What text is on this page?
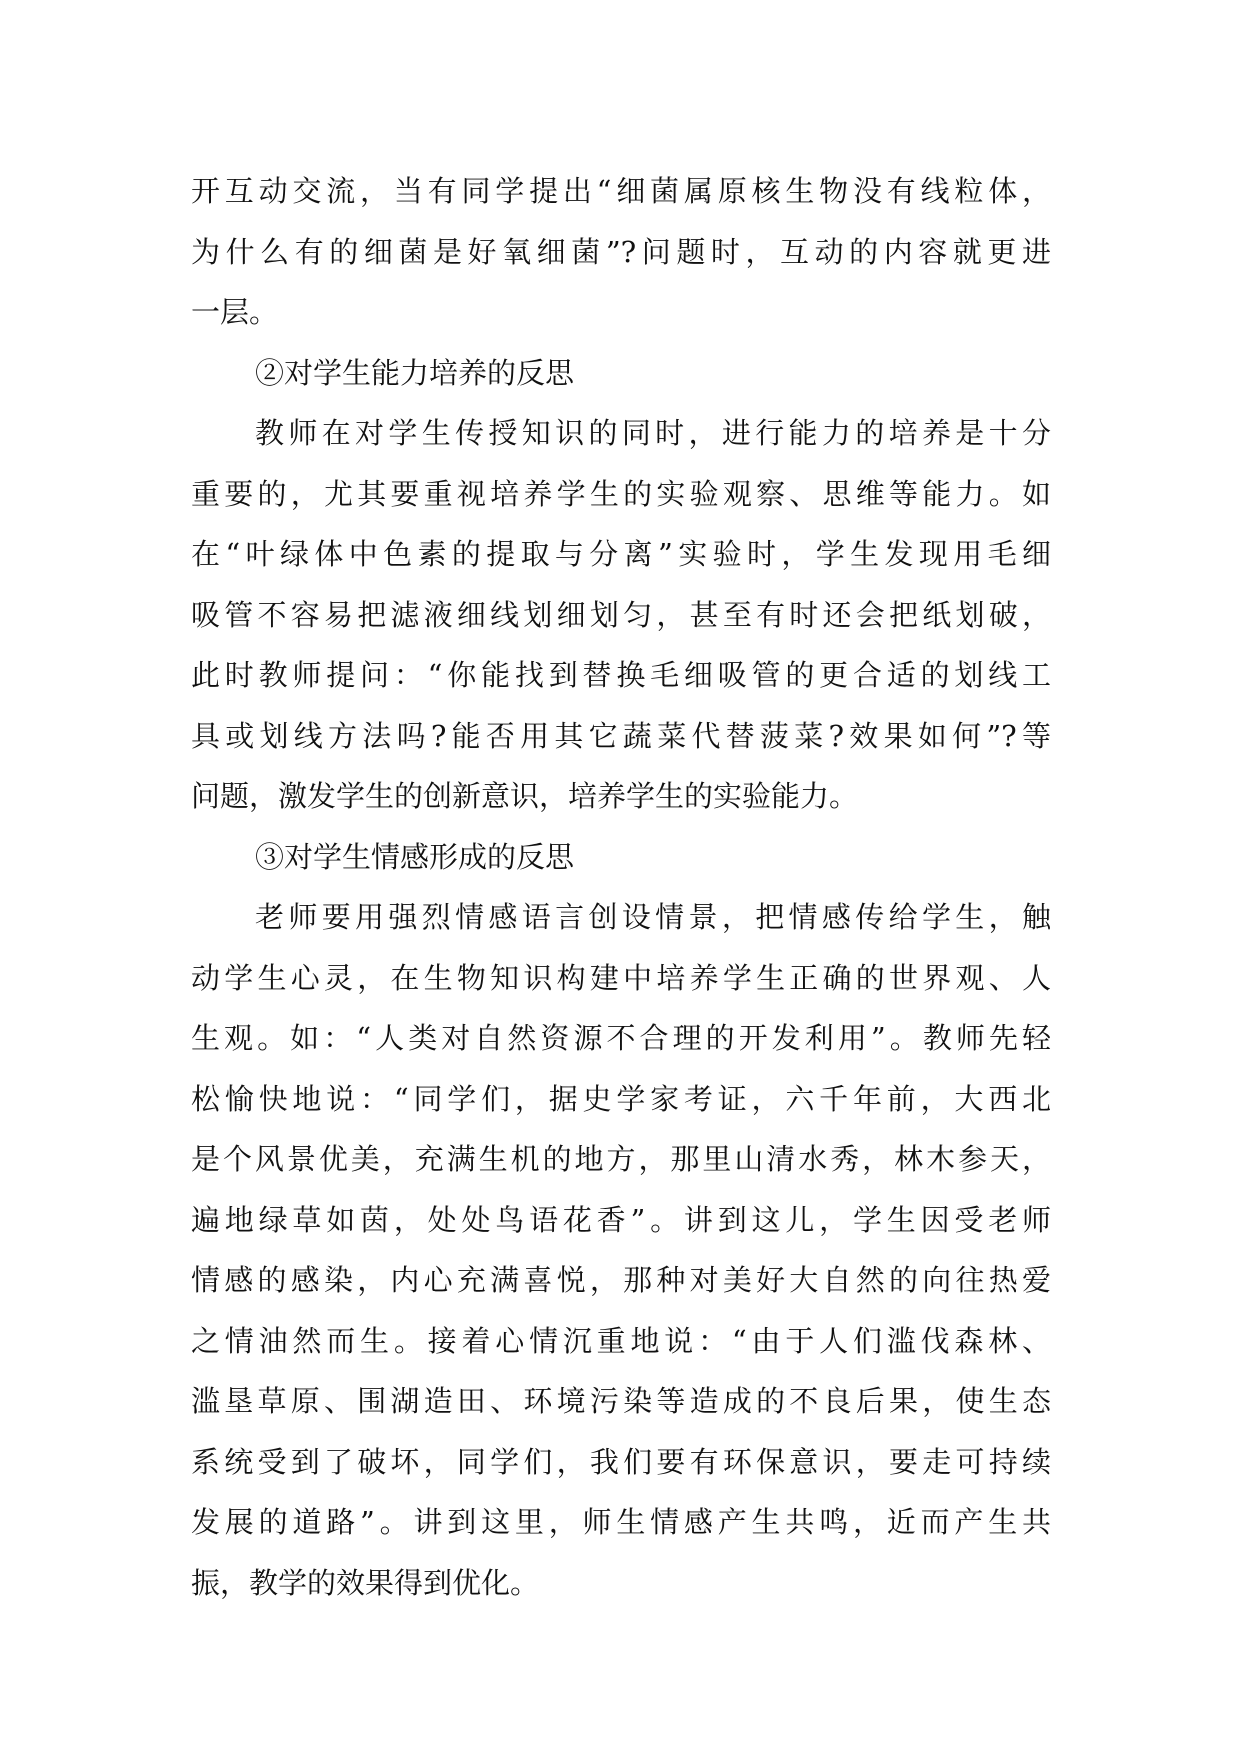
开互动交流，当有同学提出“细菌属原核生物没有线粒体，
为什么有的细菌是好氧细菌”?问题时，互动的内容就更进
一层。
②对学生能力培养的反思
教师在对学生传授知识的同时，进行能力的培养是十分
重要的，尤其要重视培养学生的实验观察、思维等能力。如
在“叶绿体中色素的提取与分离”实验时，学生发现用毛细
吸管不容易把滤液细线划细划匀，甚至有时还会把纸划破，
此时教师提问：“你能找到替换毛细吸管的更合适的划线工
具或划线方法吗?能否用其它蔬菜代替菠菜?效果如何”?等
问题，激发学生的创新意识，培养学生的实验能力。
③对学生情感形成的反思
老师要用强烈情感语言创设情景，把情感传给学生，触
动学生心灵，在生物知识构建中培养学生正确的世界观、人
生观。如：“人类对自然资源不合理的开发利用”。教师先轻
松愉快地说：“同学们，据史学家考证，六千年前，大西北
是个风景优美，充满生机的地方，那里山清水秀，林木参天，
遍地绿草如茵，处处鸟语花香”。讲到这儿，学生因受老师
情感的感染，内心充满喜悦，那种对美好大自然的向往热爱
之情油然而生。接着心情沉重地说：“由于人们滥伐森林、
滥垦草原、围湖造田、环境污染等造成的不良后果，使生态
系统受到了破坏，同学们，我们要有环保意识，要走可持续
发展的道路”。讲到这里，师生情感产生共鸣，近而产生共
振，教学的效果得到优化。
